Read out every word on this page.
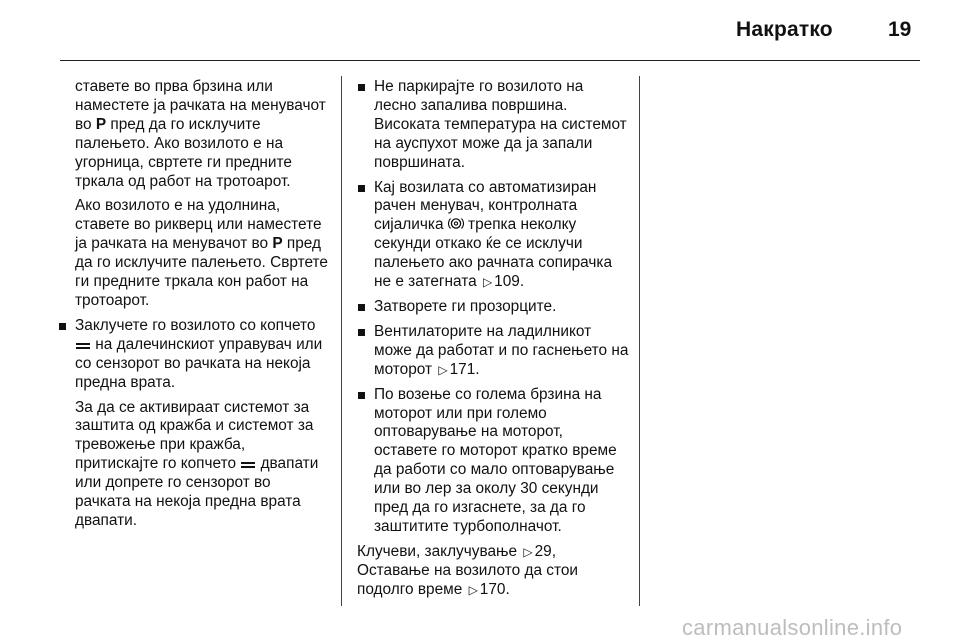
Накратко	19

ставете во прва брзина или наместете ја рачката на менувачот во P пред да го исклучите палењето. Ако возилото е на угорница, свртете ги предните тркала од работ на тротоарот.

Ако возилото е на удолнина, ставете во рикверц или наместете ја рачката на менувачот во P пред да го исклучите палењето. Свртете ги предните тркала кон работ на тротоарот.

Заклучете го возилото со копчето  на далечинскиот управувач или со сензорот во рачката на некоја предна врата.

За да се активираат системот за заштита од кражба и системот за тревожење при кражба, притискајте го копчето  двапати или допрете го сензорот во рачката на некоја предна врата двапати.

Не паркирајте го возилото на лесно запалива површина. Високата температура на системот на ауспухот може да ја запали површината.
Кај возилата со автоматизиран рачен менувач, контролната сијаличка  трепка неколку секунди откако ќе се исклучи палењето ако рачната сопирачка не е затегната ▷ 109.
Затворете ги прозорците.
Вентилаторите на ладилникот може да работат и по гаснењето на моторот ▷ 171.
По возење со голема брзина на моторот или при големо оптоварување на моторот, оставете го моторот кратко време да работи со мало оптоварување или во лер за околу 30 секунди пред да го изгаснете, за да го заштитите турбополначот.

Клучеви, заклучување ▷ 29,
Оставање на возилото да стои подолго време ▷ 170.

carmanualsonline.info
